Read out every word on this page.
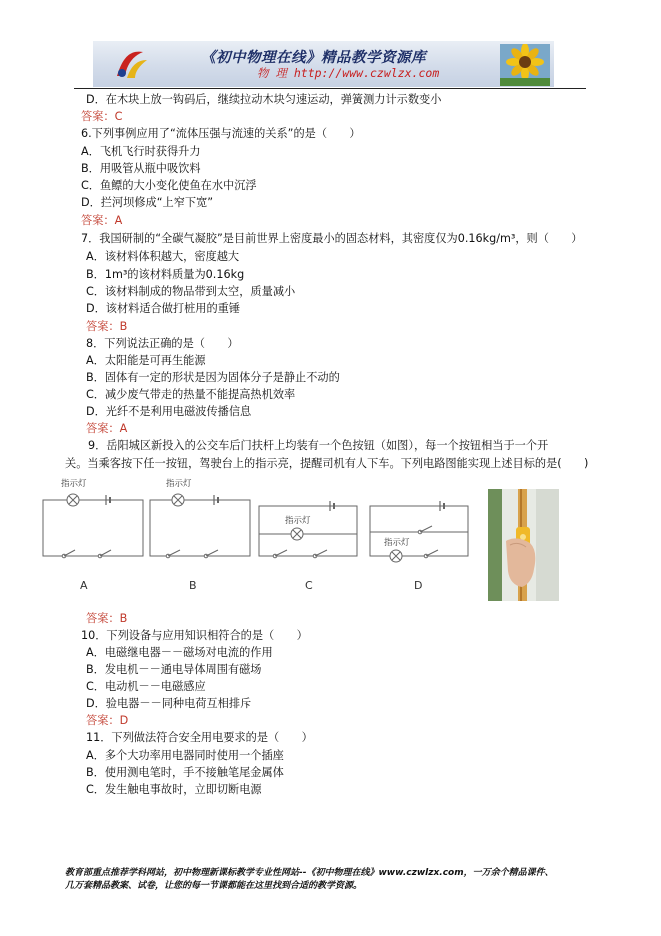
《初中物理在线》精品教学资源库
物 理 http://www.czwlzx.com
D．在木块上放一钩码后，继续拉动木块匀速运动，弹簧测力计示数变小
答案：C
6.下列事例应用了“流体压强与流速的关系”的是（　　）
A．飞机飞行时获得升力
B．用吸管从瓶中吸饮料
C．鱼鳔的大小变化使鱼在水中沉浮
D．拦河坝修成“上窄下宽”
答案：A
7．我国研制的“全碳气凝胶”是目前世界上密度最小的固态材料，其密度仅为0.16kg/m³，则（　　）
A．该材料体积越大，密度越大
B．1m³的该材料质量为0.16kg
C．该材料制成的物品带到太空，质量减小
D．该材料适合做打桩用的重锤
答案：B
8．下列说法正确的是（　　）
A．太阳能是可再生能源
B．固体有一定的形状是因为固体分子是静止不动的
C．减少废气带走的热量不能提高热机效率
D．光纤不是利用电磁波传播信息
答案：A
9．岳阳城区新投入的公交车后门扶杆上均装有一个色按钮（如图），每一个按钮相当于一个开
关。当乘客按下任一按钮，驾驶台上的指示亮，提醒司机有人下车。下列电路图能实现上述目标的是(　　)
指示灯	指示灯
指示灯
指示灯
A	B	C	D
答案：B
10．下列设备与应用知识相符合的是（　　）
A．电磁继电器－－磁场对电流的作用
B．发电机－－通电导体周围有磁场
C．电动机－－电磁感应
D．验电器－－同种电荷互相排斥
答案：D
11．下列做法符合安全用电要求的是（　　）
A．多个大功率用电器同时使用一个插座
B．使用测电笔时，手不接触笔尾金属体
C．发生触电事故时，立即切断电源
教育部重点推荐学科网站，初中物理新课标教学专业性网站--《初中物理在线》www.czwlzx.com，一万余个精品课件、
几万套精品教案、试卷，让您的每一节课都能在这里找到合适的教学资源。
